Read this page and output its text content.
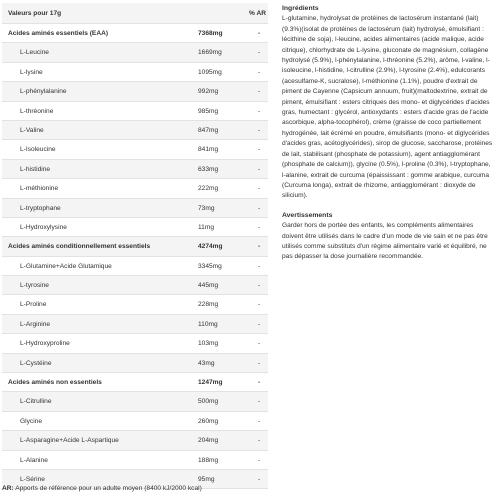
Valeurs pour 17g	% AR
Acides aminés essentiels (EAA)	7368mg	-
L-Leucine	1669mg	-
L-lysine	1095mg	-
L-phénylalanine	992mg	-
L-thréonine	985mg	-
L-Valine	847mg	-
L-Isoleucine	841mg	-
L-histidine	633mg	-
L-méthionine	222mg	-
L-tryptophane	73mg	-
L-Hydroxylysine	11mg	-
Acides aminés conditionnellement essentiels	4274mg	-
L-Glutamine+Acide Glutamique	3345mg	-
L-tyrosine	445mg	-
L-Proline	228mg	-
L-Arginine	110mg	-
L-Hydroxyproline	103mg	-
L-Cystéine	43mg	-
Acides aminés non essentiels	1247mg	-
L-Citrulline	500mg	-
Glycine	260mg	-
L-Asparagine+Acide L-Aspartique	204mg	-
L-Alanine	188mg	-
L-Sérine	95mg	-
AR: Apports de référence pour un adulte moyen (8400 kJ/2000 kcal)

Ingrédients

L-glutamine, hydrolysat de protéines de lactosérum instantané (lait) (9.3%)(isolat de protéines de lactosérum (lait) hydrolysé, émulsifiant : lécithine de soja), l-leucine, acides alimentaires (acide malique, acide citrique), chlorhydrate de L-lysine, gluconate de magnésium, collagène hydrolysé (5.9%), l-phénylalanine, l-thréonine (5.2%), arôme, l-valine, l-isoleucine, l-histidine, l-citrulline (2.9%), l-tyrosine (2.4%), edulcorants (acesulfame-K, sucralose), l-méthionine (1.1%), poudre d'extrait de piment de Cayenne (Capsicum annuum, fruit)(maltodextrine, extrait de piment, émulsifiant : esters citriques des mono- et diglycérides d'acides gras, humectant : glycérol, antioxydants : esters d'acide gras de l'acide ascorbique, alpha-tocophérol), crème (graisse de coco partiellement hydrogénée, lait écrémé en poudre, émulsifiants (mono- et diglycérides d'acides gras, acétoglycérides), sirop de glucose, saccharose, protéines de lait, stabilisant (phosphate de potassium), agent antiagglomérant (phosphate de calcium)), glycine (0.5%), l-proline (0.3%), l-tryptophane, l-alanine, extrait de curcuma (épaississant : gomme arabique, curcuma (Curcuma longa), extrait de rhizome, antiagglomérant : dioxyde de silicium).

Avertissements

Garder hors de portée des enfants, les compléments alimentaires doivent être utilisés dans le cadre d'un mode de vie sain et ne pas être utilisés comme substituts d'un régime alimentaire varié et équilibré, ne pas dépasser la dose journalière recommandée.
